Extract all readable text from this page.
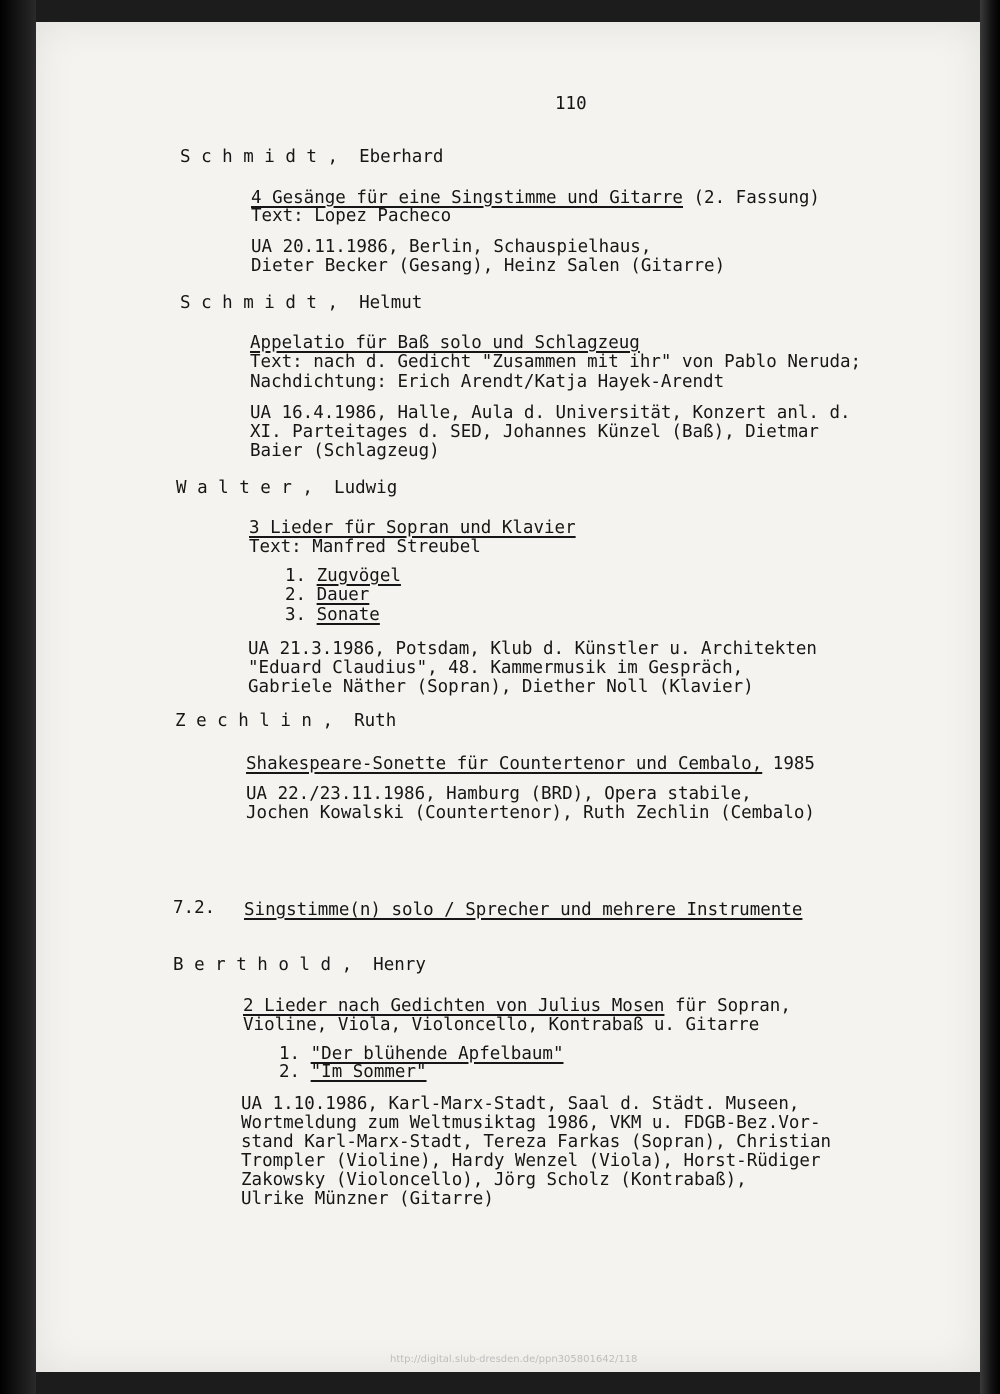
110
S c h m i d t ,  Eberhard
4 Gesänge für eine Singstimme und Gitarre (2. Fassung)
Text: Lopez Pacheco
UA 20.11.1986, Berlin, Schauspielhaus,
Dieter Becker (Gesang), Heinz Salen (Gitarre)
S c h m i d t ,  Helmut
Appelatio für Baß solo und Schlagzeug
Text: nach d. Gedicht "Zusammen mit ihr" von Pablo Neruda;
Nachdichtung: Erich Arendt/Katja Hayek-Arendt
UA 16.4.1986, Halle, Aula d. Universität, Konzert anl. d.
XI. Parteitages d. SED, Johannes Künzel (Baß), Dietmar
Baier (Schlagzeug)
W a l t e r ,  Ludwig
3 Lieder für Sopran und Klavier
Text: Manfred Streubel
1. Zugvögel
2. Dauer
3. Sonate
UA 21.3.1986, Potsdam, Klub d. Künstler u. Architekten
"Eduard Claudius", 48. Kammermusik im Gespräch,
Gabriele Näther (Sopran), Diether Noll (Klavier)
Z e c h l i n ,  Ruth
Shakespeare-Sonette für Countertenor und Cembalo, 1985
UA 22./23.11.1986, Hamburg (BRD), Opera stabile,
Jochen Kowalski (Countertenor), Ruth Zechlin (Cembalo)
7.2. Singstimme(n) solo / Sprecher und mehrere Instrumente
B e r t h o l d ,  Henry
2 Lieder nach Gedichten von Julius Mosen für Sopran,
Violine, Viola, Violoncello, Kontrabaß u. Gitarre
1. "Der blühende Apfelbaum"
2. "Im Sommer"
UA 1.10.1986, Karl-Marx-Stadt, Saal d. Städt. Museen,
Wortmeldung zum Weltmusiktag 1986, VKM u. FDGB-Bez.Vor-
stand Karl-Marx-Stadt, Tereza Farkas (Sopran), Christian
Trompler (Violine), Hardy Wenzel (Viola), Horst-Rüdiger
Zakowsky (Violoncello), Jörg Scholz (Kontrabaß),
Ulrike Münzner (Gitarre)
http://digital.slub-dresden.de/ppn305801642/118
